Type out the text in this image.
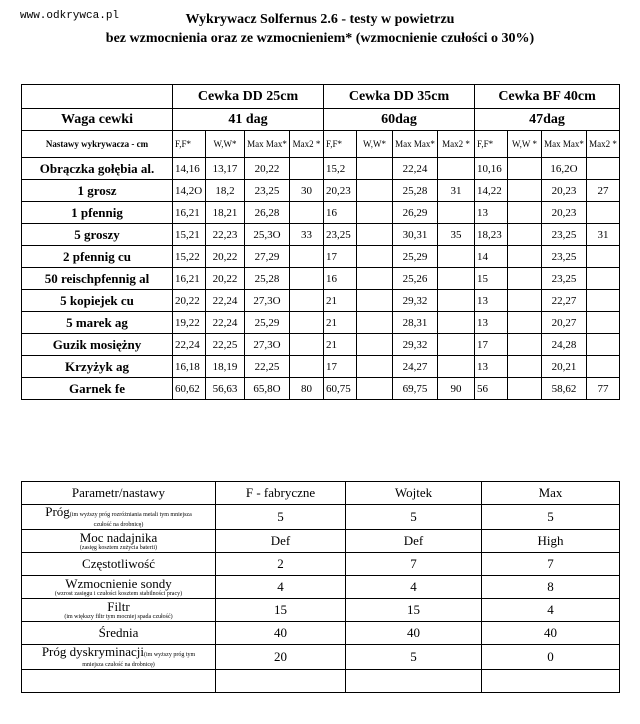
www.odkrywca.pl	Wykrywacz Solfernus 2.6 - testy w powietrzu
bez wzmocnienia oraz ze wzmocnieniem* (wzmocnienie czułości o 30%)
	Cewka DD 25cm				Cewka DD 35cm				Cewka BF 40cm			
Waga cewki	41 dag				60dag				47dag			
Nastawy wykrywacza - cm	F,F*	W,W*	Max Max*	Max2 *	F,F*	W,W*	Max Max*	Max2 *	F,F*	W,W *	Max Max*	Max2 *
Obrączka gołębia al.	14,16	13,17	20,22		15,2		22,24		10,16		16,2O	
1 grosz	14,2O	18,2	23,25	30	20,23		25,28	31	14,22		20,23	27
1 pfennig	16,21	18,21	26,28		16		26,29		13		20,23	
5 groszy	15,21	22,23	25,3O	33	23,25		30,31	35	18,23		23,25	31
2 pfennig cu	15,22	20,22	27,29		17		25,29		14		23,25	
50 reischpfennig al	16,21	20,22	25,28		16		25,26		15		23,25	
5 kopiejek cu	20,22	22,24	27,3O		21		29,32		13		22,27	
5 marek ag	19,22	22,24	25,29		21		28,31		13		20,27	
Guzik mosiężny	22,24	22,25	27,3O		21		29,32		17		24,28	
Krzyżyk ag	16,18	18,19	22,25		17		24,27		13		20,21	
Garnek fe	60,62	56,63	65,8O	80	60,75		69,75	90	56		58,62	77
Parametr/nastawy	F - fabryczne	Wojtek	Max
Próg(im wyższy próg rozróżniania metali tym mniejsza
czułość na drobnicę)	5	5	5
Moc nadajnika
(zasięg kosztem zużycia baterii)	Def	Def	High
Częstotliwość	2	7	7
Wzmocnienie sondy
(wzrost zasięgu i czułości kosztem stabilności pracy)	4	4	8
Filtr
(im większy filtr tym mocniej spada czułość)	15	15	4
Średnia	40	40	40
Próg dyskryminacji(im wyższy próg tym
mniejsza czułość na drobnicę)	20	5	0
